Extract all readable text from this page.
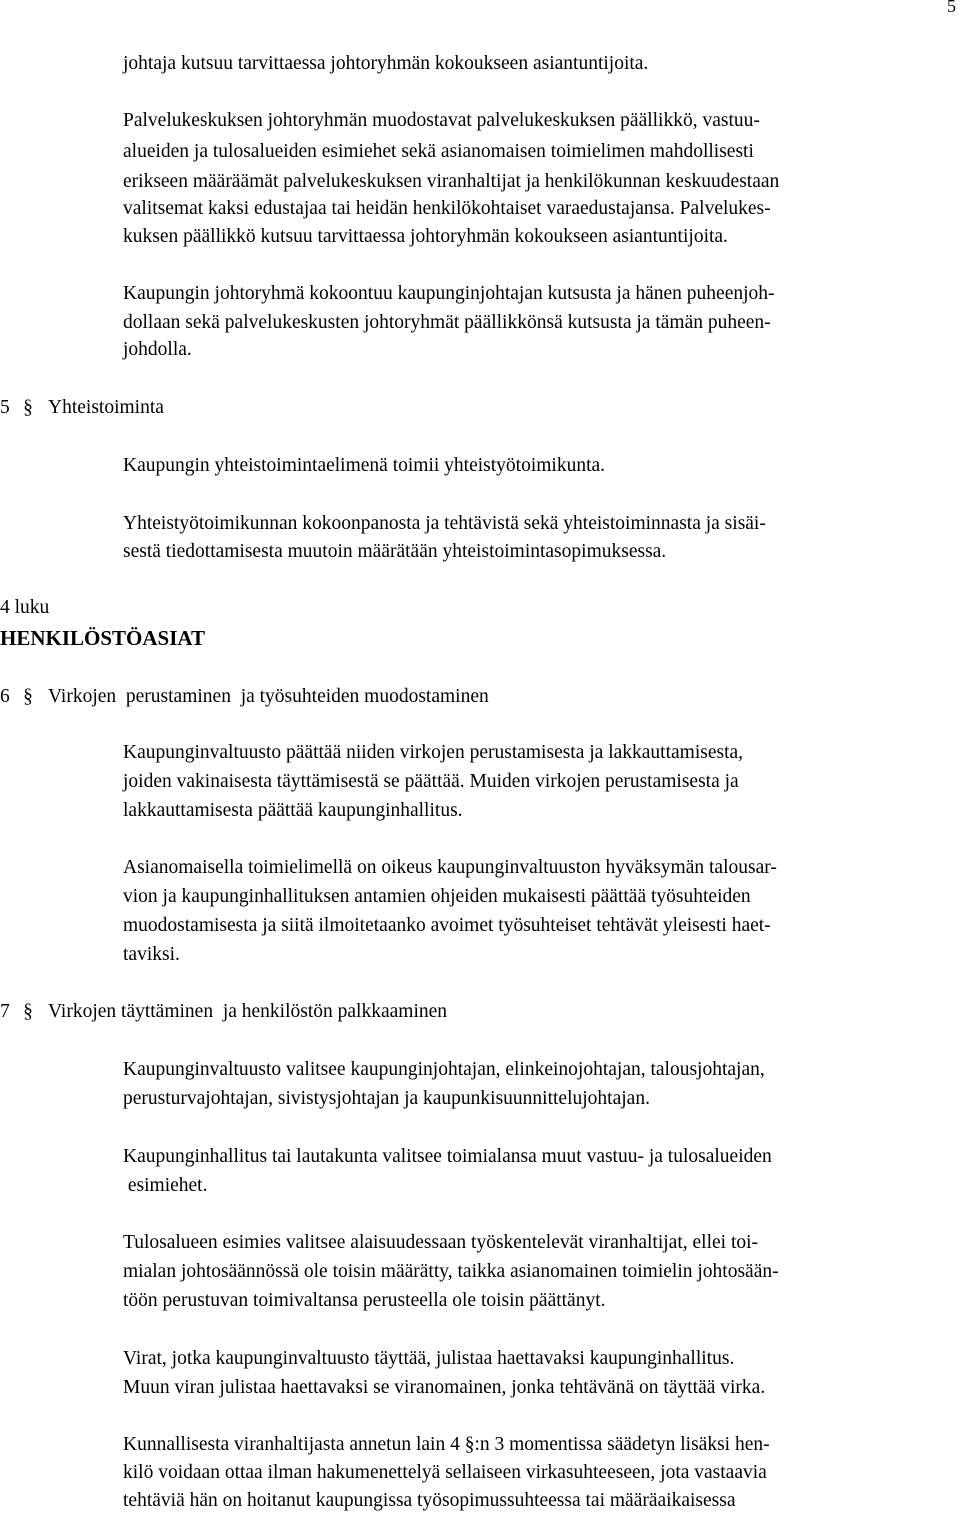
5
johtaja kutsuu tarvittaessa johtoryhmän kokoukseen asiantuntijoita.
Palvelukeskuksen johtoryhmän muodostavat palvelukeskuksen päällikkö, vastuu-
alueiden ja tulosalueiden esimiehet sekä asianomaisen toimielimen mahdollisesti
erikseen määräämät palvelukeskuksen viranhaltijat ja henkilökunnan keskuudestaan
valitsemat kaksi edustajaa tai heidän henkilökohtaiset varaedustajansa. Palvelukes-
kuksen päällikkö kutsuu tarvittaessa johtoryhmän kokoukseen asiantuntijoita.
Kaupungin johtoryhmä kokoontuu kaupunginjohtajan kutsusta ja hänen puheenjoh-
dollaan sekä palvelukeskusten johtoryhmät päällikkönsä kutsusta ja tämän puheen-
johdolla.
5 § Yhteistoiminta
Kaupungin yhteistoimintaelimenä toimii yhteistyötoimikunta.
Yhteistyötoimikunnan kokoonpanosta ja tehtävistä sekä yhteistoiminnasta ja sisäi-
sestä tiedottamisesta muutoin määrätään yhteistoimintasopimuksessa.
4 luku
HENKILÖSTÖASIAT
6 § Virkojen  perustaminen  ja työsuhteiden muodostaminen
Kaupunginvaltuusto päättää niiden virkojen perustamisesta ja lakkauttamisesta,
joiden vakinaisesta täyttämisestä se päättää. Muiden virkojen perustamisesta ja
lakkauttamisesta päättää kaupunginhallitus.
Asianomaisella toimielimellä on oikeus kaupunginvaltuuston hyväksymän talousar-
vion ja kaupunginhallituksen antamien ohjeiden mukaisesti päättää työsuhteiden
muodostamisesta ja siitä ilmoitetaanko avoimet työsuhteiset tehtävät yleisesti haet-
taviksi.
7 § Virkojen täyttäminen  ja henkilöstön palkkaaminen
Kaupunginvaltuusto valitsee kaupunginjohtajan, elinkeinojohtajan, talousjohtajan,
perusturvajohtajan, sivistysjohtajan ja kaupunkisuunnittelujohtajan.
Kaupunginhallitus tai lautakunta valitsee toimialansa muut vastuu- ja tulosalueiden
esimiehet.
Tulosalueen esimies valitsee alaisuudessaan työskentelevät viranhaltijat, ellei toi-
mialan johtosäännössä ole toisin määrätty, taikka asianomainen toimielin johtosään-
töön perustuvan toimivaltansa perusteella ole toisin päättänyt.
Virat, jotka kaupunginvaltuusto täyttää, julistaa haettavaksi kaupunginhallitus.
Muun viran julistaa haettavaksi se viranomainen, jonka tehtävänä on täyttää virka.
Kunnallisesta viranhaltijasta annetun lain 4 §:n 3 momentissa säädetyn lisäksi hen-
kilö voidaan ottaa ilman hakumenettelyä sellaiseen virkasuhteeseen, jota vastaavia
tehtäviä hän on hoitanut kaupungissa työsopimussuhteessa tai määräaikaisessa
